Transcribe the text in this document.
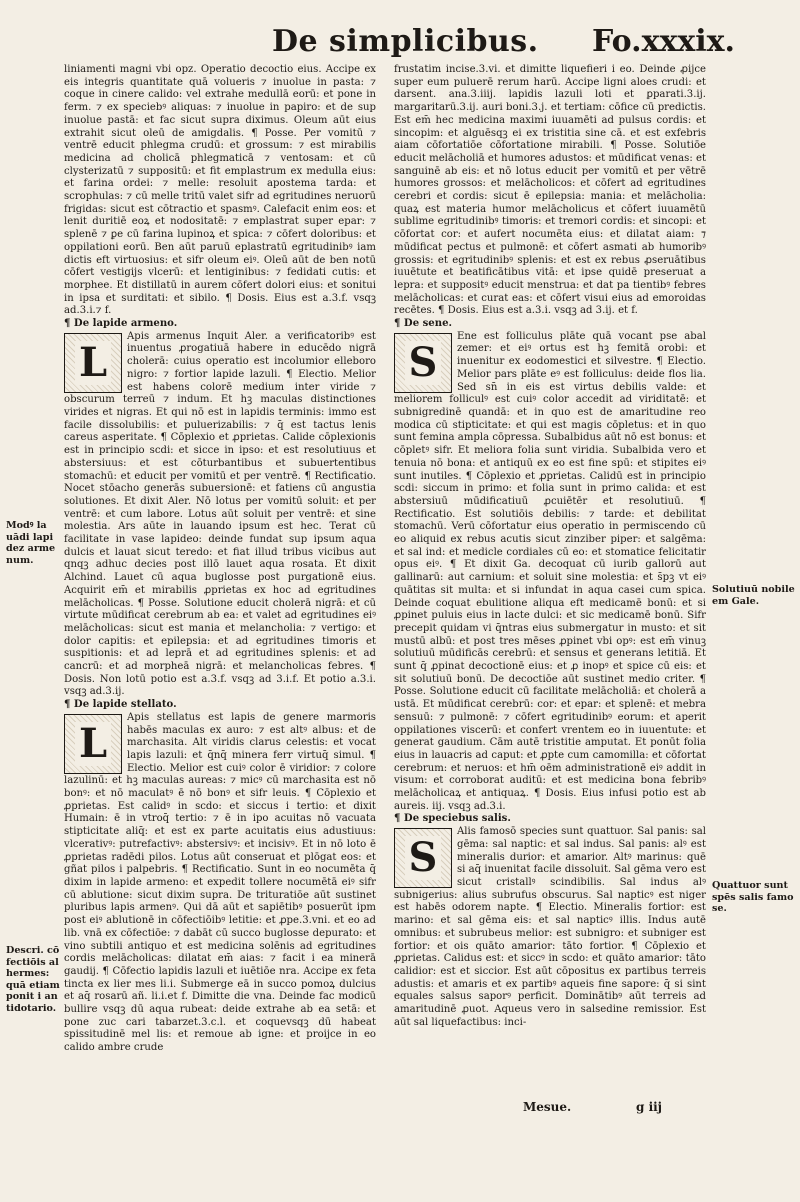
De simplicibus. Fo.xxxix.

liniamenti magni vbi opz. Operatio decoctio eius. Accipe ex eis integris quantitate quā volueris ⁊ inuolue in pasta: ⁊ coque in cinere calido: vel extrahe medullā eorū: et pone in ferm. ⁊ ex speciebꝰ aliquas: ⁊ inuolue in papiro: et de sup inuolue pastā: et fac sicut supra diximus. Oleum aūt eius extrahit sicut oleū de amigdalis. ¶ Posse. Per vomitū ⁊ ventrē educit phlegma crudū: et grossum: ⁊ est mirabilis medicina ad cholicā phlegmaticā ⁊ ventosam: et cū clysterizatū ⁊ suppositū: et fit emplastrum ex medulla eius: et farina ordei: ⁊ melle: resoluit apostema tarda: et scrophulas: ⁊ cū melle tritū valet sifr ad egritudines neruorū frigidas: sicut est cōtractio et spasmꝰ. Calefacit enim eos: et lenit duritiē eoꝝ et nodositatē: ⁊ emplastrat super epar: ⁊ splenē ⁊ ꝑe cū farina lupinoꝝ et spica: ⁊ cōfert doloribus: et oppilationi eorū. Ben aūt paruū eplastratū egritudinibꝰ iam dictis eft virtuosius: et sifr oleum eiꝰ. Oleū aūt de ben notū cōfert vestigijs vlcerū: et lentiginibus: ⁊ fedidati cutis: et morphee. Et distillatū in aurem cōfert dolori eius: et sonitui in ipsa et surditati: et sibilo. ¶ Dosis. Eius est a.3.f. vsqꝫ ad.3.i.⁊ f.

¶ De lapide armeno.

L

Apis armenus Inquit Aler. a verificatoribꝰ est inuentus ꝓrogatiuā habere in educēdo nigrā cholerā: cuius operatio est incolumior elleboro nigro: ⁊ fortior lapide lazuli. ¶ Electio. Melior est habens colorē medium inter viride ⁊ obscurum terreū ⁊ indum. Et hꝫ maculas distinctiones virides et nigras. Et qui nō est in lapidis terminis: immo est facile dissolubilis: et puluerizabilis: ⁊ q̄ est tactus lenis careus asperitate. ¶ Cōplexio et ꝓprietas. Calide cōplexionis est in principio scdi: et sicce in ipso: et est resolutiuus et abstersiuus: et est cōturbantibus et subuertentibus stomachū: et educit per vomitū et per ventrē. ¶ Rectificatio. Nocet stōacho generās subuersionē: et fatiens cū angustia solutiones. Et dixit Aler. Nō lotus per vomitū soluit: et per ventrē: et cum labore. Lotus aūt soluit per ventrē: et sine molestia. Ars aūte in lauando ipsum est hec. Terat cū facilitate in vase lapideo: deinde fundat sup ipsum aqua dulcis et lauat sicut teredo: et fiat illud tribus vicibus aut qnqꝫ adhuc decies post illō lauet aqua rosata. Et dixit Alchind. Lauet cū aqua buglosse post purgationē eius. Acquirit em̄ et mirabilis ꝓprietas ex hoc ad egritudines melācholicas. ¶ Posse. Solutione educit cholerā nigrā: et cū virtute mūdificat cerebrum ab ea: et valet ad egritudines eiꝰ melācholicas: sicut est mania et melancholia: ⁊ vertigo: et dolor capitis: et epilepsia: et ad egritudines timoris et suspitionis: et ad leprā et ad egritudines splenis: et ad cancrū: et ad morpheā nigrā: et melancholicas febres. ¶ Dosis. Non lotū potio est a.3.f. vsqꝫ ad 3.i.f. Et potio a.3.i. vsqꝫ ad.3.ij.

¶ De lapide stellato.

L

Apis stellatus est lapis de genere marmoris habēs maculas ex auro: ⁊ est altꝰ albus: et de marchasita. Alt viridis clarus celestis: et vocat lapis lazuli: et q̄nq̄ minera ferr virtuq̄ simul. ¶ Electio. Melior est cuiꝰ color ē viridior: ⁊ colore lazulinū: et hꝫ maculas aureas: ⁊ micꝰ cū marchasita est nō bonꝰ: et nō maculatꝰ ē nō bonꝰ et sifr leuis. ¶ Cōplexio et ꝓprietas. Est calidꝰ in scdo: et siccus i tertio: et dixit Humain: ē in vtroq̄ tertio: ⁊ ē in ipo acuitas nō vacuata stipticitate aliq̄: et est ex parte acuitatis eius adustiuus: vlcerativꝰ: putrefactivꝰ: abstersivꝰ: et incisivꝰ. Et in nō loto ē ꝓprietas radēdi pilos. Lotus aūt conseruat et plōgat eos: et gñat pilos i palpebris. ¶ Rectificatio. Sunt in eo nocumēta q̄ dixim in lapide armeno: et expedit tollere nocumētā eiꝰ sifr cū ablutione: sicut dixim supra. De trituratiōe aūt sustinet pluribus lapis armenꝰ. Qui dā aūt et sapiētibꝰ posuerūt ipm post eiꝰ ablutionē in cōfectiōibꝰ letitie: et ꝓpe.3.vni. et eo ad lib. vnā ex cōfectiōe: ⁊ dabāt cū succo buglosse depurato: et vino subtili antiquo et est medicina solēnis ad egritudines cordis melācholicas: dilatat em̄ aias: ⁊ facit i ea minerā gaudij. ¶ Cōfectio lapidis lazuli et iuētiōe nra. Accipe ex feta tincta ex lier mes li.i. Submerge eā in succo pomoꝝ dulcius et aq̄ rosarū añ. li.i.et f. Dimitte die vna. Deinde fac modicū bullire vsqꝫ dū aqua rubeat: deide extrahe ab ea setā: et pone zuc cari tabarzet.3.c.l. et coquevsqꝫ dū habeat spissitudinē mel lis: et remoue ab igne: et proijce in eo calido ambre crude

frustatim incise.3.vi. et dimitte liquefieri i eo. Deinde ꝓijce super eum puluerē rerum harū. Accipe ligni aloes crudi: et darsent. ana.3.iiij. lapidis lazuli loti et ꝑparati.3.ij. margaritarū.3.ij. auri boni.3.j. et tertiam: cōfice cū predictis. Est em̄ hec medicina maximi iuuamēti ad pulsus cordis: et sincopim: et alguēsqꝫ ei ex tristitia sine cā. et est exfebris aiam cōfortatiōe cōfortatione mirabili. ¶ Posse. Solutiōe educit melācholiā et humores adustos: et mūdificat venas: et sanguinē ab eis: et nō lotus educit per vomitū et per vētrē humores grossos: et melācholicos: et cōfert ad egritudines cerebri et cordis: sicut ē epilepsia: mania: et melācholia: quaꝝ est materia humor melācholicus et cōfert iuuamētū sublime egritudinibꝰ timoris: et tremori cordis: et sincopi: et cōfortat cor: et aufert nocumēta eius: et dilatat aiam: ⁊ mūdificat pectus et pulmonē: et cōfert asmati ab humoribꝰ grossis: et egritudinibꝰ splenis: et est ex rebus ꝓseruātibus iuuētute et beatificātibus vitā: et ipse quidē preseruat a lepra: et suppositꝰ educit menstrua: et dat pa tientibꝰ febres melācholicas: et curat eas: et cōfert visui eius ad emoroidas recētes. ¶ Dosis. Eius est a.3.i. vsqꝫ ad 3.ij. et f.

¶ De sene.

S

Ene est folliculus plāte quā vocant pse abal zemer: et eiꝰ ortus est hꝫ femitā orobi: et inuenitur ex eodomestici et silvestre. ¶ Electio. Melior pars plāte eꝰ est folliculus: deide flos lia. Sed sn̄ in eis est virtus debilis valde: et meliorem folliculꝰ est cuiꝰ color accedit ad viriditatē: et subnigredinē quandā: et in quo est de amaritudine reo modica cū stipticitate: et qui est magis cōpletus: et in quo sunt femina ampla cōpressa. Subalbidus aūt nō est bonus: et cōpletꝰ sifr. Et meliora folia sunt viridia. Subalbida vero et tenuia nō bona: et antiquū ex eo est fine spū: et stipites eiꝰ sunt inutiles. ¶ Cōplexio et ꝓprietas. Calidū est in principio scdi: siccum in primo: et folia sunt in primo calida: et est abstersiuū mūdificatiuū ꝓcuiētēr et resolutiuū. ¶ Rectificatio. Est solutiōis debilis: ⁊ tarde: et debilitat stomachū. Verū cōfortatur eius operatio in permiscendo cū eo aliquid ex rebus acutis sicut zinziber piper: et salgēma: et sal ind: et medicle cordiales cū eo: et stomatice felicitatir opus eiꝰ. ¶ Et dixit Ga. decoquat cū iurib gallorū aut gallinarū: aut carnium: et soluit sine molestia: et s̄pꝫ vt eiꝰ quātitas sit multa: et si infundat in aqua casei cum spica. Deinde coquat ebulitione aliqua eft medicamē bonū: et si ꝓpinet puluis eius in lacte dulci: et sic medicamē bonū. Sifr precepit quidam vi q̄ntras eius submergatur in musto: et sit mustū albū: et post tres mēses ꝓpinet vbi opꝰ: est em̄ vinuꝫ solutiuū mūdificās cerebrū: et sensus et generans letitiā. Et sunt q̄ ꝓpinat decoctionē eius: et ꝓ inopꝰ et spice cū eis: et sit solutiuū bonū. De decoctiōe aūt sustinet medio criter. ¶ Posse. Solutione educit cū facilitate melācholiā: et cholerā a ustā. Et mūdificat cerebrū: cor: et epar: et splenē: et mebra sensuū: ⁊ pulmonē: ⁊ cōfert egritudinibꝰ eorum: et aperit oppilationes viscerū: et confert vrentem eo in iuuentute: et generat gaudium. Cām autē tristitie amputat. Et ponūt folia eius in lauacris ad caput: et ꝓpte cum camomilla: et cōfortat cerebrum: et neruos: et hm̄ oēm administrationē eiꝰ addit in visum: et corroborat auditū: et est medicina bona febribꝰ melācholicaꝝ et antiquaꝝ. ¶ Dosis. Eius infusi potio est ab aureis. iij. vsqꝫ ad.3.i.

¶ De speciebus salis.

S

Alis famosō species sunt quattuor. Sal panis: sal gēma: sal naptic: et sal indus. Sal panis: alꝰ est mineralis durior: et amarior. Altꝰ marinus: quē si aq̄ inuenitat facile dissoluit. Sal gēma vero est sicut cristallꝰ scindibilis. Sal indus alꝰ subnigerius: alius subrufus obscurus. Sal napticꝰ est niger est habēs odorem napte. ¶ Electio. Mineralis fortior: est marino: et sal gēma eis: et sal napticꝰ illis. Indus autē omnibus: et subrubeus melior: est subnigro: et subniger est fortior: et ois quāto amarior: tāto fortior. ¶ Cōplexio et ꝓprietas. Calidus est: et siccꝰ in scdo: et quāto amarior: tāto calidior: est et siccior. Est aūt cōpositus ex partibus terreis adustis: et amaris et ex partibꝰ aqueis fine sapore: q̄ si sint equales salsus saporꝰ perficit. Dominātibꝰ aūt terreis ad amaritudinē ꝓuot. Aqueus vero in salsedine remissior. Est aūt sal liquefactibus: inci-

Modꝰ la uādi lapi dez arme num.
Descri. cō fectiōis al hermes: quā etiam ponit i an tidotario.
Solutiuū nobile em Gale.
Quattuor sunt spēs salis famo se.
Mesue.	g iij
